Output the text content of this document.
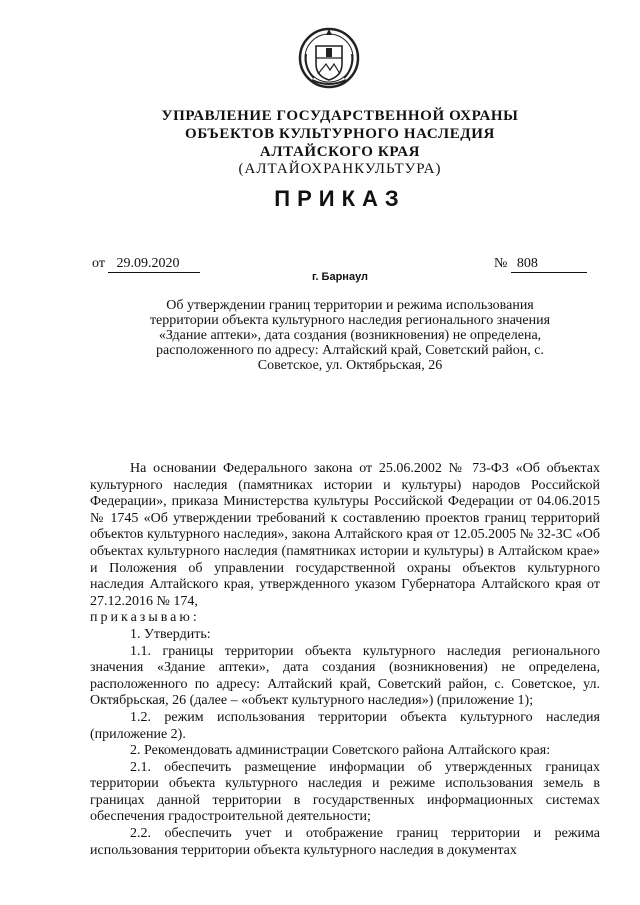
УПРАВЛЕНИЕ ГОСУДАРСТВЕННОЙ ОХРАНЫ
ОБЪЕКТОВ КУЛЬТУРНОГО НАСЛЕДИЯ
АЛТАЙСКОГО КРАЯ
(АЛТАЙОХРАНКУЛЬТУРА)
ПРИКАЗ
от 29.09.2020	№ 808
г. Барнаул
Об утверждении границ территории и режима использования территории объекта культурного наследия регионального значения «Здание аптеки», дата создания (возникновения) не определена, расположенного по адресу: Алтайский край, Советский район, с. Советское, ул. Октябрьская, 26

На основании Федерального закона от 25.06.2002 № 73-ФЗ «Об объектах культурного наследия (памятниках истории и культуры) народов Российской Федерации», приказа Министерства культуры Российской Федерации от 04.06.2015 № 1745 «Об утверждении требований к составлению проектов границ территорий объектов культурного наследия», закона Алтайского края от 12.05.2005 № 32-ЗС «Об объектах культурного наследия (памятниках истории и культуры) в Алтайском крае» и Положения об управлении государственной охраны объектов культурного наследия Алтайского края, утвержденного указом Губернатора Алтайского края от 27.12.2016 № 174,

приказываю:

1. Утвердить:

1.1. границы территории объекта культурного наследия регионального значения «Здание аптеки», дата создания (возникновения) не определена, расположенного по адресу: Алтайский край, Советский район, с. Советское, ул. Октябрьская, 26 (далее – «объект культурного наследия») (приложение 1);

1.2. режим использования территории объекта культурного наследия (приложение 2).

2. Рекомендовать администрации Советского района Алтайского края:

2.1. обеспечить размещение информации об утвержденных границах территории объекта культурного наследия и режиме использования земель в границах данной территории в государственных информационных системах обеспечения градостроительной деятельности;

2.2. обеспечить учет и отображение границ территории и режима использования территории объекта культурного наследия в документах
